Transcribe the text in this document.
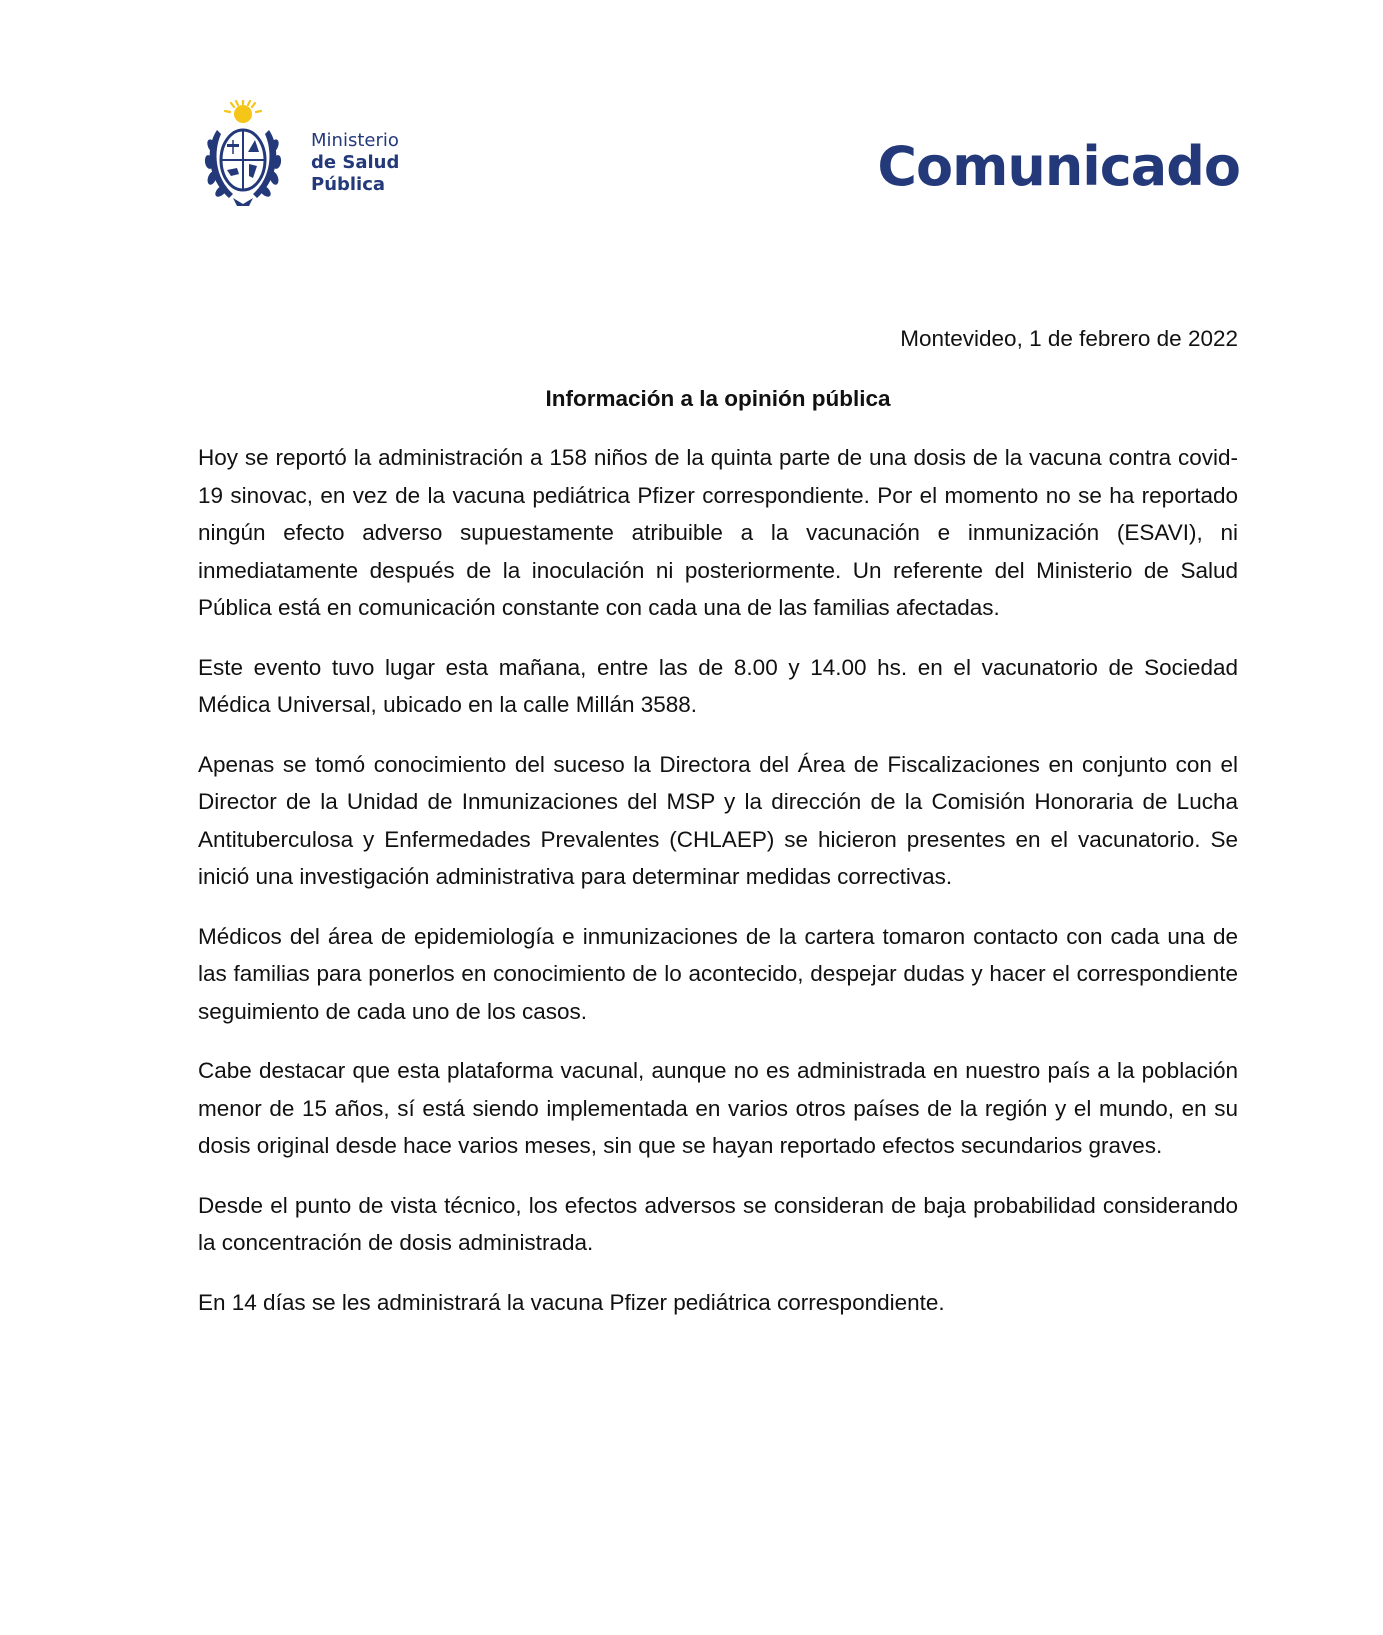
Ministerio
de Salud
Pública	Comunicado

Montevideo, 1 de febrero de 2022

Información a la opinión pública

Hoy se reportó la administración a 158 niños de la quinta parte de una dosis de la vacuna contra covid-19 sinovac, en vez de la vacuna pediátrica Pfizer correspondiente. Por el momento no se ha reportado ningún efecto adverso supuestamente atribuible a la vacunación e inmunización (ESAVI), ni inmediatamente después de la inoculación ni posteriormente. Un referente del Ministerio de Salud Pública está en comunicación constante con cada una de las familias afectadas.

Este evento tuvo lugar esta mañana, entre las de 8.00 y 14.00 hs. en el vacunatorio de Sociedad Médica Universal, ubicado en la calle Millán 3588.

Apenas se tomó conocimiento del suceso la Directora del Área de Fiscalizaciones en conjunto con el Director de la Unidad de Inmunizaciones del MSP y la dirección de la Comisión Honoraria de Lucha Antituberculosa y Enfermedades Prevalentes (CHLAEP) se hicieron presentes en el vacunatorio. Se inició una investigación administrativa para determinar medidas correctivas.

Médicos del área de epidemiología e inmunizaciones de la cartera tomaron contacto con cada una de las familias para ponerlos en conocimiento de lo acontecido, despejar dudas y hacer el correspondiente seguimiento de cada uno de los casos.

Cabe destacar que esta plataforma vacunal, aunque no es administrada en nuestro país a la población menor de 15 años, sí está siendo implementada en varios otros países de la región y el mundo, en su dosis original desde hace varios meses, sin que se hayan reportado efectos secundarios graves.

Desde el punto de vista técnico, los efectos adversos se consideran de baja probabilidad considerando la concentración de dosis administrada.

En 14 días se les administrará la vacuna Pfizer pediátrica correspondiente.
